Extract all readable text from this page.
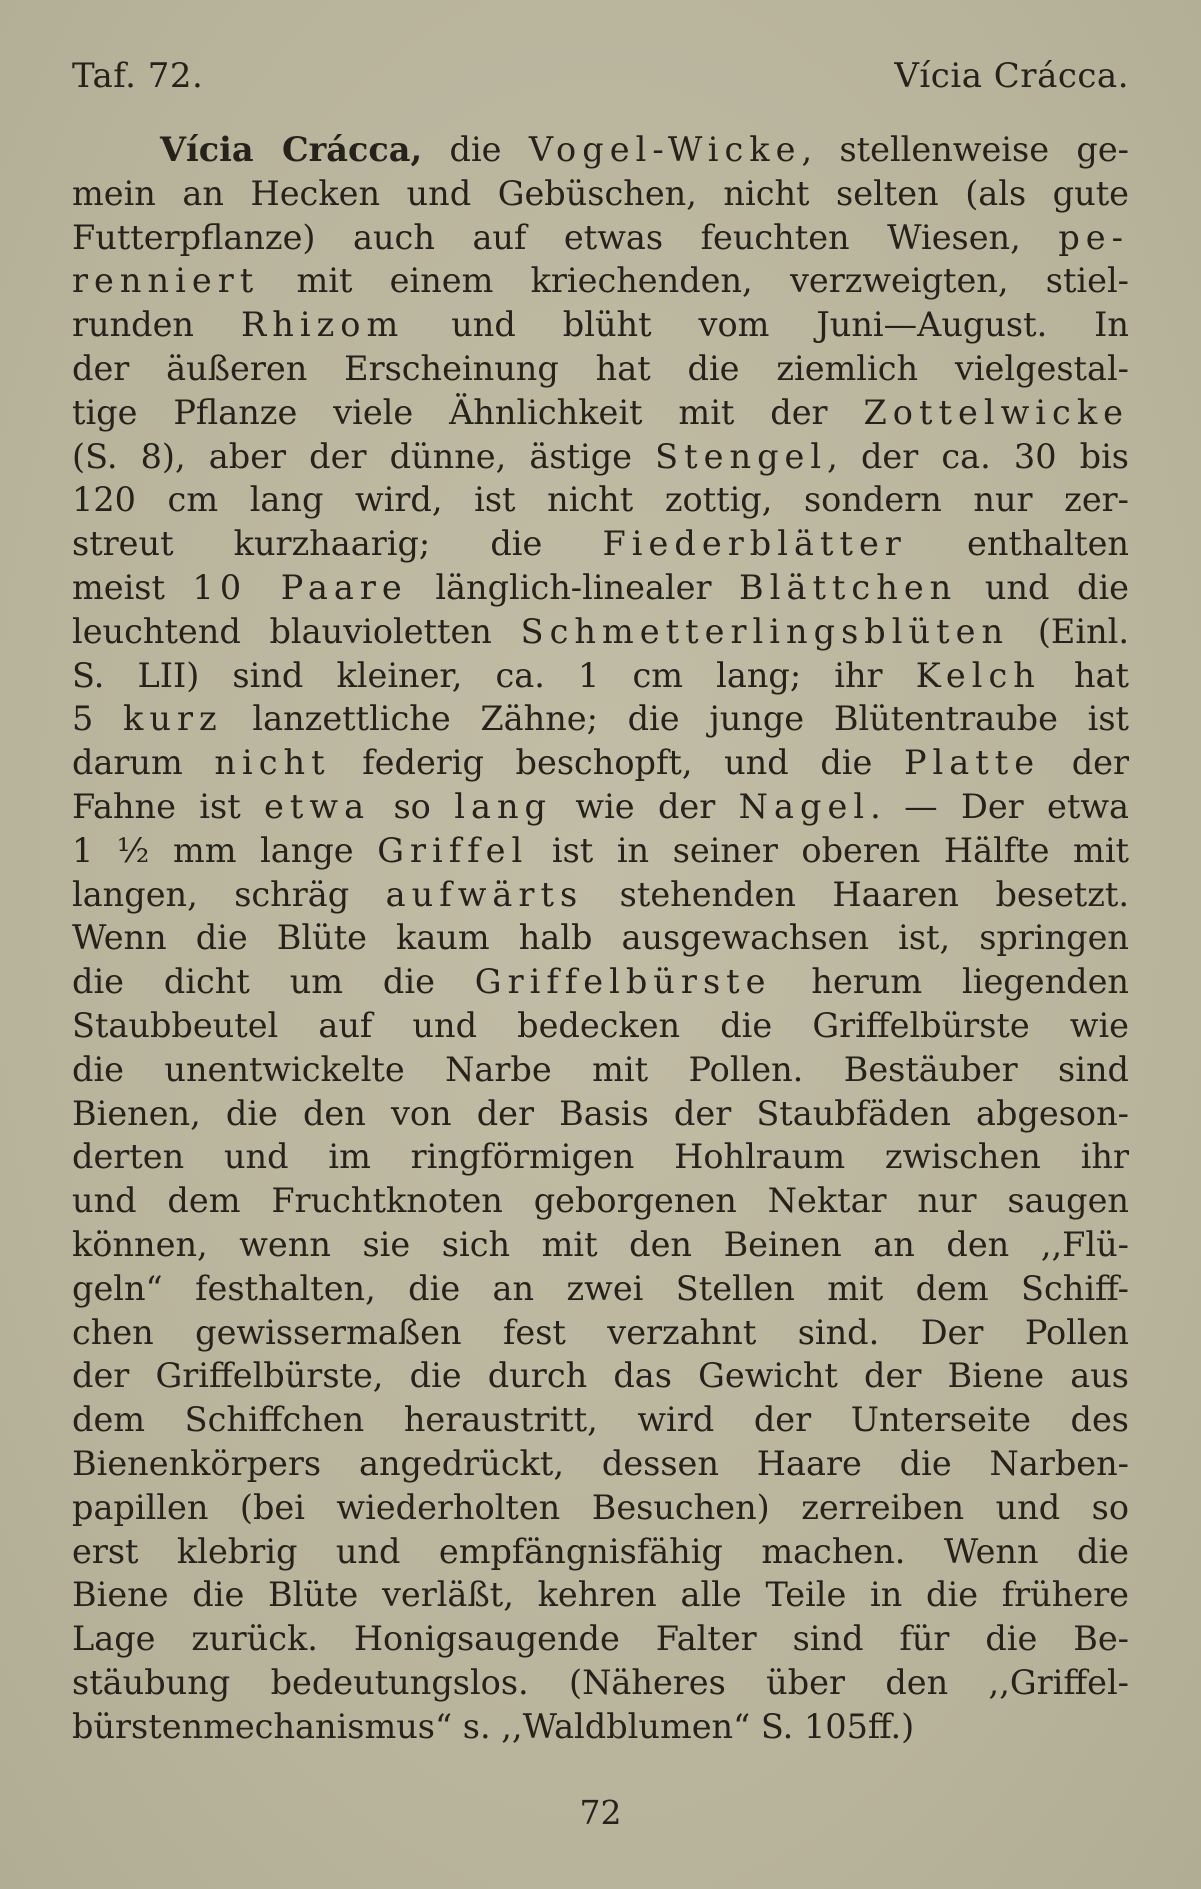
Taf. 72.	Vícia Crácca.
Vícia Crácca, die Vogel-Wicke, stellenweise ge-
mein an Hecken und Gebüschen, nicht selten (als gute
Futterpflanze) auch auf etwas feuchten Wiesen, pe-
renniert mit einem kriechenden, verzweigten, stiel-
runden Rhizom und blüht vom Juni—August. In
der äußeren Erscheinung hat die ziemlich vielgestal-
tige Pflanze viele Ähnlichkeit mit der Zottelwicke
(S. 8), aber der dünne, ästige Stengel, der ca. 30 bis
120 cm lang wird, ist nicht zottig, sondern nur zer-
streut kurzhaarig; die Fiederblätter enthalten
meist 10 Paare länglich-linealer Blättchen und die
leuchtend blauvioletten Schmetterlingsblüten (Einl.
S. LII) sind kleiner, ca. 1 cm lang; ihr Kelch hat
5 kurz lanzettliche Zähne; die junge Blütentraube ist
darum nicht federig beschopft, und die Platte der
Fahne ist etwa so lang wie der Nagel. — Der etwa
1 ½ mm lange Griffel ist in seiner oberen Hälfte mit
langen, schräg aufwärts stehenden Haaren besetzt.
Wenn die Blüte kaum halb ausgewachsen ist, springen
die dicht um die Griffelbürste herum liegenden
Staubbeutel auf und bedecken die Griffelbürste wie
die unentwickelte Narbe mit Pollen. Bestäuber sind
Bienen, die den von der Basis der Staubfäden abgeson-
derten und im ringförmigen Hohlraum zwischen ihr
und dem Fruchtknoten geborgenen Nektar nur saugen
können, wenn sie sich mit den Beinen an den ,,Flü-
geln“ festhalten, die an zwei Stellen mit dem Schiff-
chen gewissermaßen fest verzahnt sind. Der Pollen
der Griffelbürste, die durch das Gewicht der Biene aus
dem Schiffchen heraustritt, wird der Unterseite des
Bienenkörpers angedrückt, dessen Haare die Narben-
papillen (bei wiederholten Besuchen) zerreiben und so
erst klebrig und empfängnisfähig machen. Wenn die
Biene die Blüte verläßt, kehren alle Teile in die frühere
Lage zurück. Honigsaugende Falter sind für die Be-
stäubung bedeutungslos. (Näheres über den ,,Griffel-
bürstenmechanismus“ s. ,,Waldblumen“ S. 105ff.)
72
